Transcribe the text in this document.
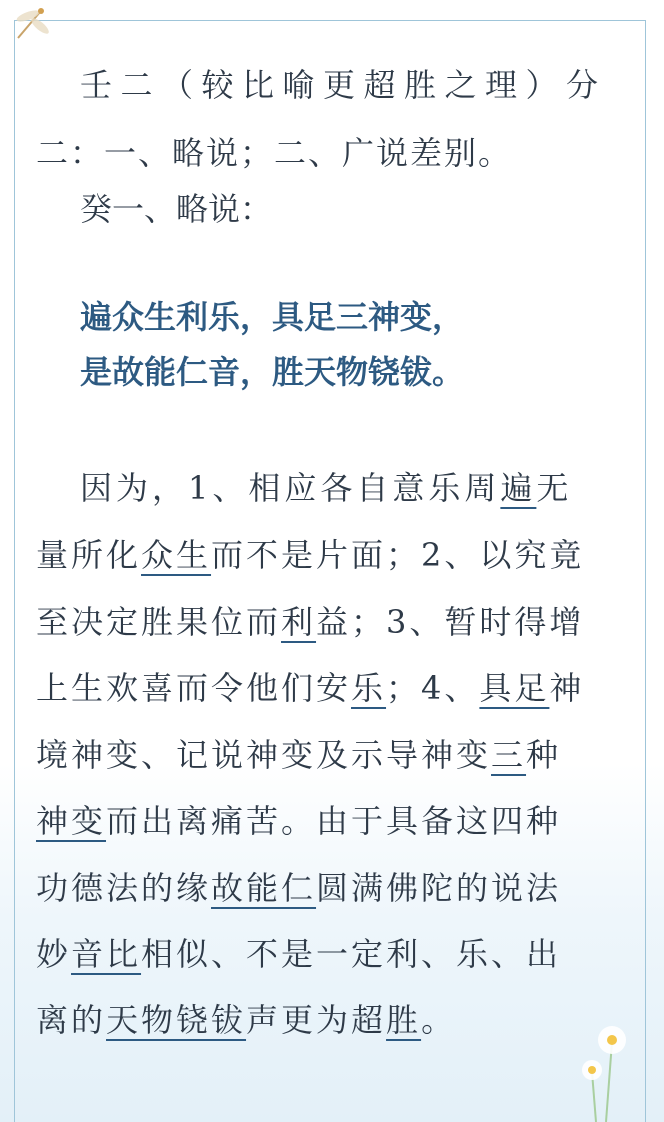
壬二（较比喻更超胜之理）分
二：一、略说；二、广说差别。
癸一、略说：
遍众生利乐，具足三神变，
是故能仁音，胜天物铙钹。
因为，1、相应各自意乐周遍无
量所化众生而不是片面；2、以究竟
至决定胜果位而利益；3、暂时得增
上生欢喜而令他们安乐；4、具足神
境神变、记说神变及示导神变三种
神变而出离痛苦。由于具备这四种
功德法的缘故能仁圆满佛陀的说法
妙音比相似、不是一定利、乐、出
离的天物铙钹声更为超胜。
